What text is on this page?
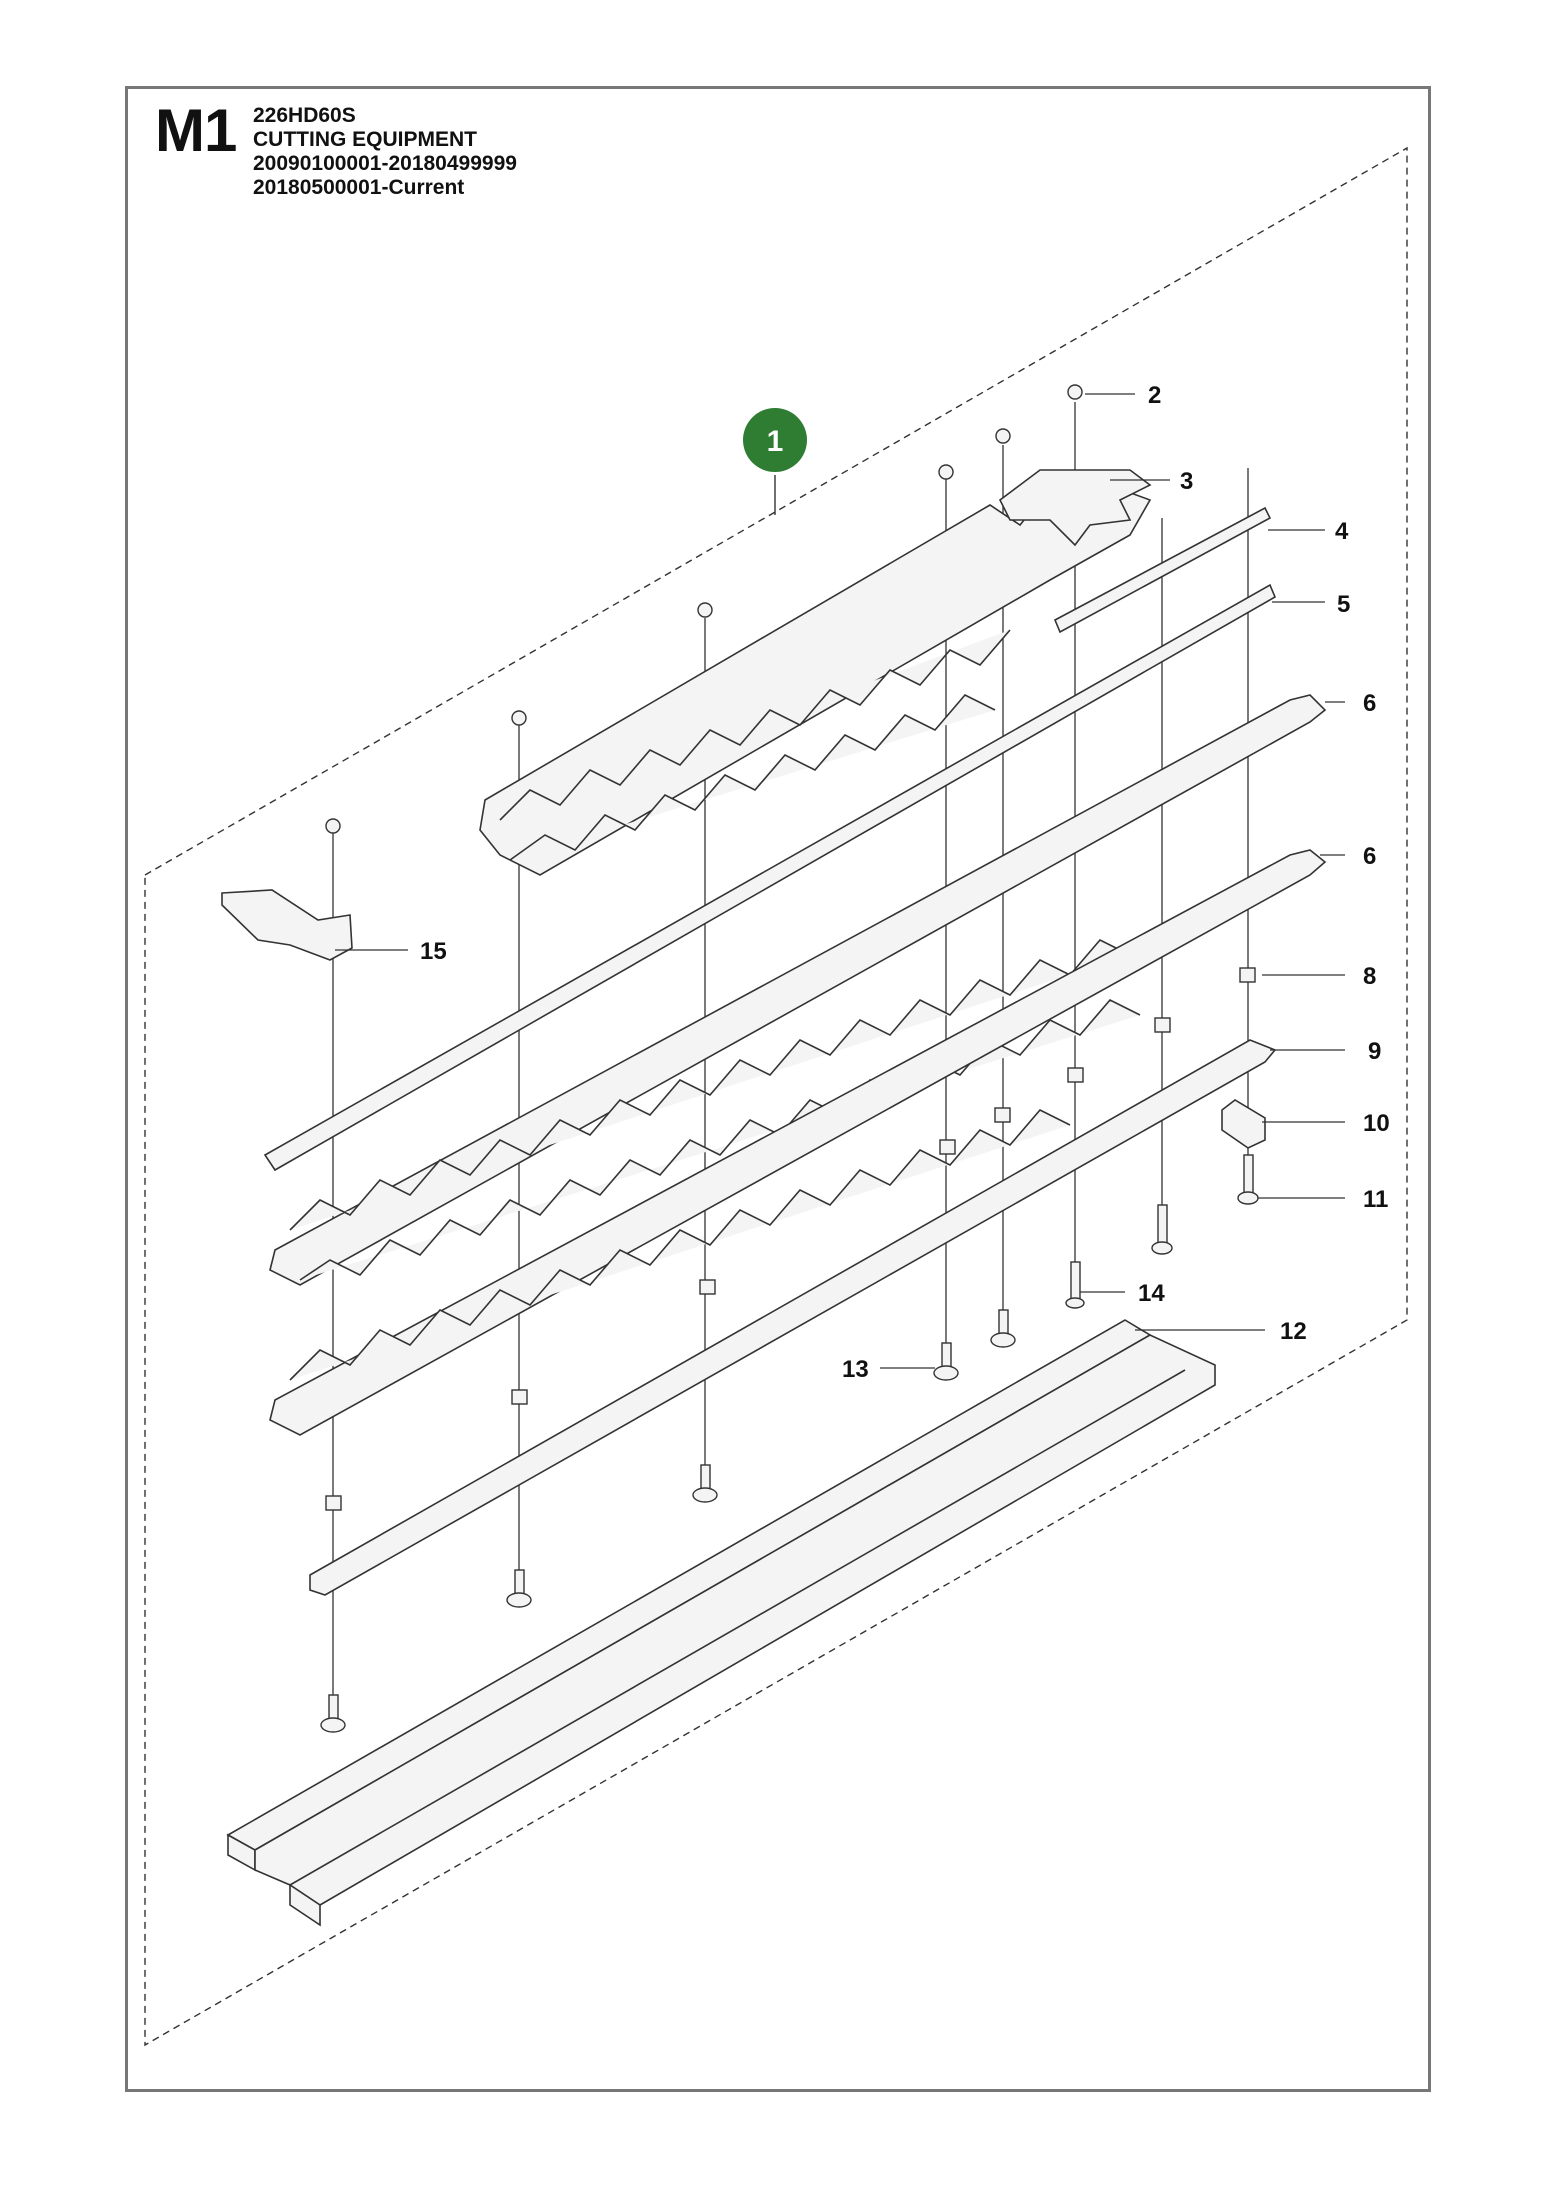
M1 226HD60S
CUTTING EQUIPMENT
20090100001-20180499999
20180500001-Current
1
2
3
4
5
6
6
8
9
10
11
12
13
14
15
